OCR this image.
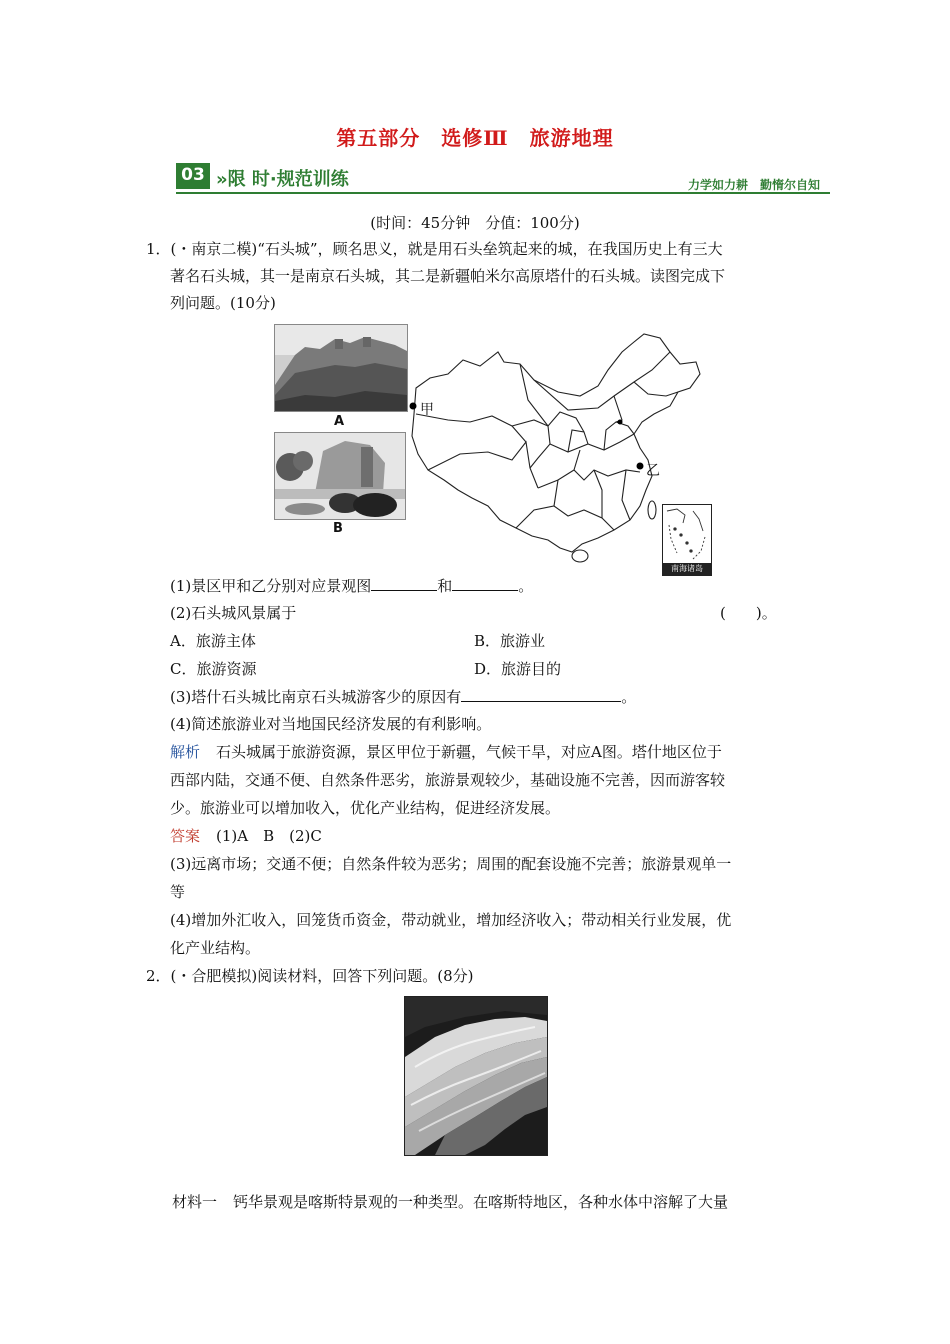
第五部分　选修Ⅲ　旅游地理
03 »限 时·规范训练	力学如力耕　勤惰尔自知
(时间：45分钟　分值：100分)
1．(・南京二模)“石头城”，顾名思义，就是用石头垒筑起来的城，在我国历史上有三大
著名石头城，其一是南京石头城，其二是新疆帕米尔高原塔什的石头城。读图完成下
列问题。(10分)
A
B
甲
乙
南海诸岛
(1)景区甲和乙分别对应景观图	和	。
(2)石头城风景属于	(　　)。
A．旅游主体	B．旅游业
C．旅游资源	D．旅游目的
(3)塔什石头城比南京石头城游客少的原因有	。
(4)简述旅游业对当地国民经济发展的有利影响。
解析 石头城属于旅游资源，景区甲位于新疆，气候干旱，对应A图。塔什地区位于
西部内陆，交通不便、自然条件恶劣，旅游景观较少，基础设施不完善，因而游客较
少。旅游业可以增加收入，优化产业结构，促进经济发展。
答案 (1)A　B　(2)C
(3)远离市场；交通不便；自然条件较为恶劣；周围的配套设施不完善；旅游景观单一
等
(4)增加外汇收入，回笼货币资金，带动就业，增加经济收入；带动相关行业发展，优
化产业结构。
2．(・合肥模拟)阅读材料，回答下列问题。(8分)
材料一 钙华景观是喀斯特景观的一种类型。在喀斯特地区，各种水体中溶解了大量
